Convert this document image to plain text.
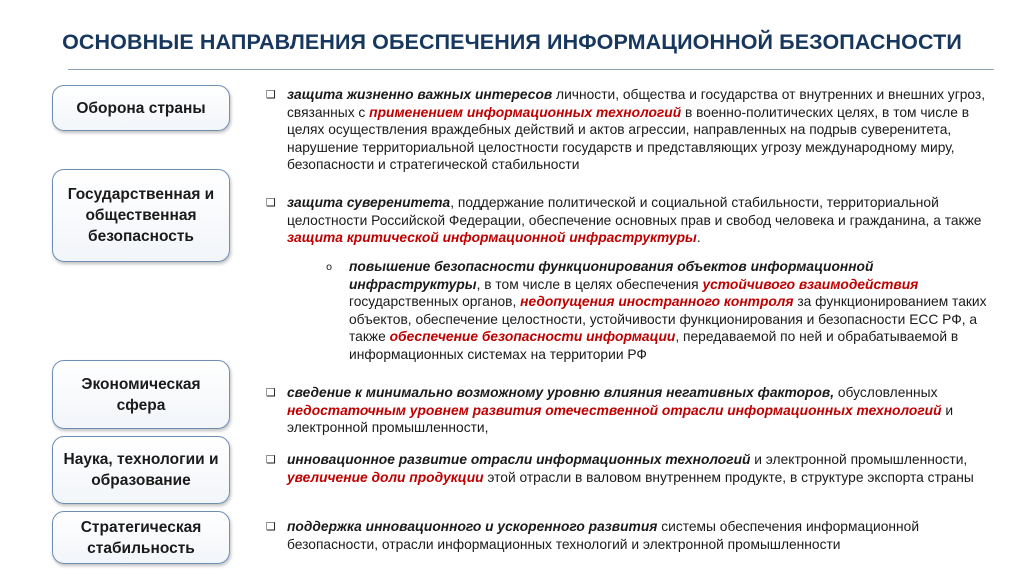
ОСНОВНЫЕ НАПРАВЛЕНИЯ ОБЕСПЕЧЕНИЯ ИНФОРМАЦИОННОЙ БЕЗОПАСНОСТИ
Оборона страны
Государственная и общественная безопасность
Экономическая сфера
Наука, технологии и образование
Стратегическая стабильность
❑ защита жизненно важных интересов личности, общества и государства от внутренних и внешних угроз, связанных с применением информационных технологий в военно-политических целях, в том числе в целях осуществления враждебных действий и актов агрессии, направленных на подрыв суверенитета, нарушение территориальной целостности государств и представляющих угрозу международному миру, безопасности и стратегической стабильности
❑ защита суверенитета, поддержание политической и социальной стабильности, территориальной целостности Российской Федерации, обеспечение основных прав и свобод человека и гражданина, а также защита критической информационной инфраструктуры.
o повышение безопасности функционирования объектов информационной инфраструктуры, в том числе в целях обеспечения устойчивого взаимодействия государственных органов, недопущения иностранного контроля за функционированием таких объектов, обеспечение целостности, устойчивости функционирования и безопасности ЕСС РФ, а также обеспечение безопасности информации, передаваемой по ней и обрабатываемой в информационных системах на территории РФ
❑ сведение к минимально возможному уровню влияния негативных факторов, обусловленных недостаточным уровнем развития отечественной отрасли информационных технологий и электронной промышленности,
❑ инновационное развитие отрасли информационных технологий и электронной промышленности, увеличение доли продукции этой отрасли в валовом внутреннем продукте, в структуре экспорта страны
❑ поддержка инновационного и ускоренного развития системы обеспечения информационной безопасности, отрасли информационных технологий и электронной промышленности
